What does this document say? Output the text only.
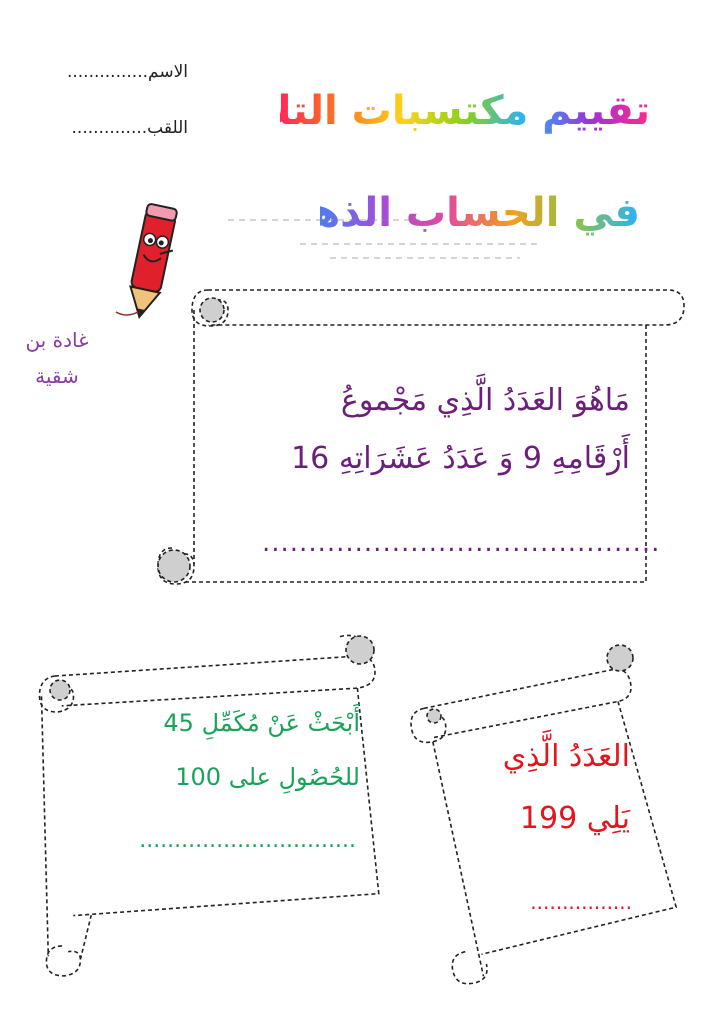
الاسم...............
اللقب..............	تقييم مكتسبات التلاميذ
في الحساب الذهني
غادة بن
شقية
مَاهُوَ العَدَدُ الَّذِي مَجْموعُ
أَرْقَامِهِ 9 وَ عَدَدُ عَشَرَاتِهِ 16
...........................................
أَبْحَثْ عَنْ مُكَمِّلِ 45
للحُصُولِ على 100
...............................
العَدَدُ الَّذِي
يَلِي 199
................
